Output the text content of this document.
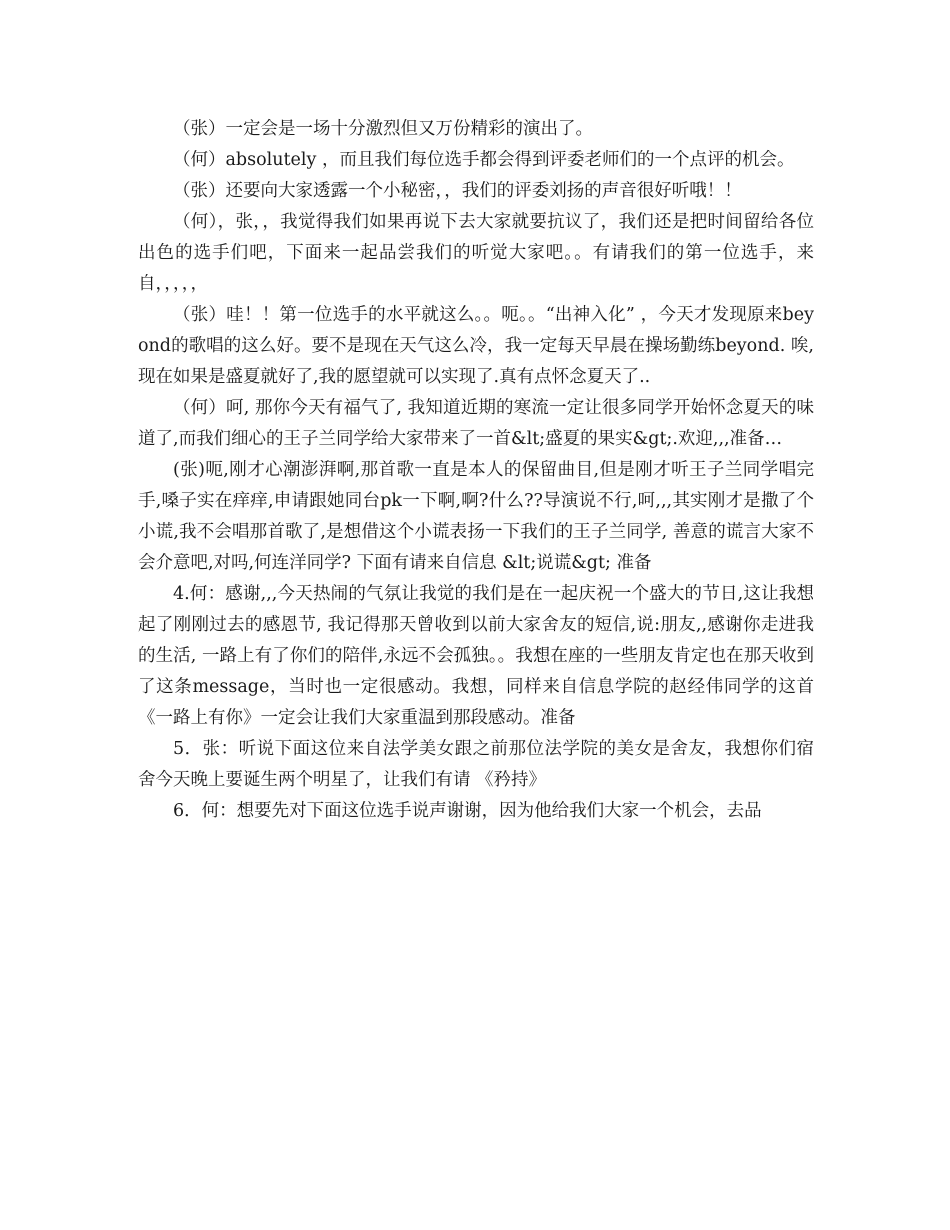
（张）一定会是一场十分激烈但又万份精彩的演出了。

（何）absolutely ，而且我们每位选手都会得到评委老师们的一个点评的机会。

（张）还要向大家透露一个小秘密，，我们的评委刘扬的声音很好听哦！！

（何），张，，我觉得我们如果再说下去大家就要抗议了，我们还是把时间留给各位出色的选手们吧，下面来一起品尝我们的听觉大家吧。。有请我们的第一位选手，来自，，，，，

（张）哇！！第一位选手的水平就这么。。呃。。“出神入化” ，今天才发现原来beyond的歌唱的这么好。要不是现在天气这么冷，我一定每天早晨在操场勤练beyond. 唉,现在如果是盛夏就好了,我的愿望就可以实现了.真有点怀念夏天了..

（何）呵, 那你今天有福气了, 我知道近期的寒流一定让很多同学开始怀念夏天的味道了,而我们细心的王子兰同学给大家带来了一首&lt;盛夏的果实&gt;.欢迎,,,准备…

(张)呃,刚才心潮澎湃啊,那首歌一直是本人的保留曲目,但是刚才听王子兰同学唱完手,嗓子实在痒痒,申请跟她同台pk一下啊,啊?什么??导演说不行,呵,,,其实刚才是撒了个小谎,我不会唱那首歌了,是想借这个小谎表扬一下我们的王子兰同学, 善意的谎言大家不会介意吧,对吗,何连洋同学? 下面有请来自信息 &lt;说谎&gt; 准备

4.何：感谢,,,今天热闹的气氛让我觉的我们是在一起庆祝一个盛大的节日,这让我想起了刚刚过去的感恩节, 我记得那天曾收到以前大家舍友的短信,说:朋友,,感谢你走进我的生活, 一路上有了你们的陪伴,永远不会孤独。。我想在座的一些朋友肯定也在那天收到了这条message，当时也一定很感动。我想，同样来自信息学院的赵经伟同学的这首《一路上有你》一定会让我们大家重温到那段感动。准备

5．张：听说下面这位来自法学美女跟之前那位法学院的美女是舍友，我想你们宿舍今天晚上要诞生两个明星了，让我们有请 《矜持》

6．何：想要先对下面这位选手说声谢谢，因为他给我们大家一个机会，去品
